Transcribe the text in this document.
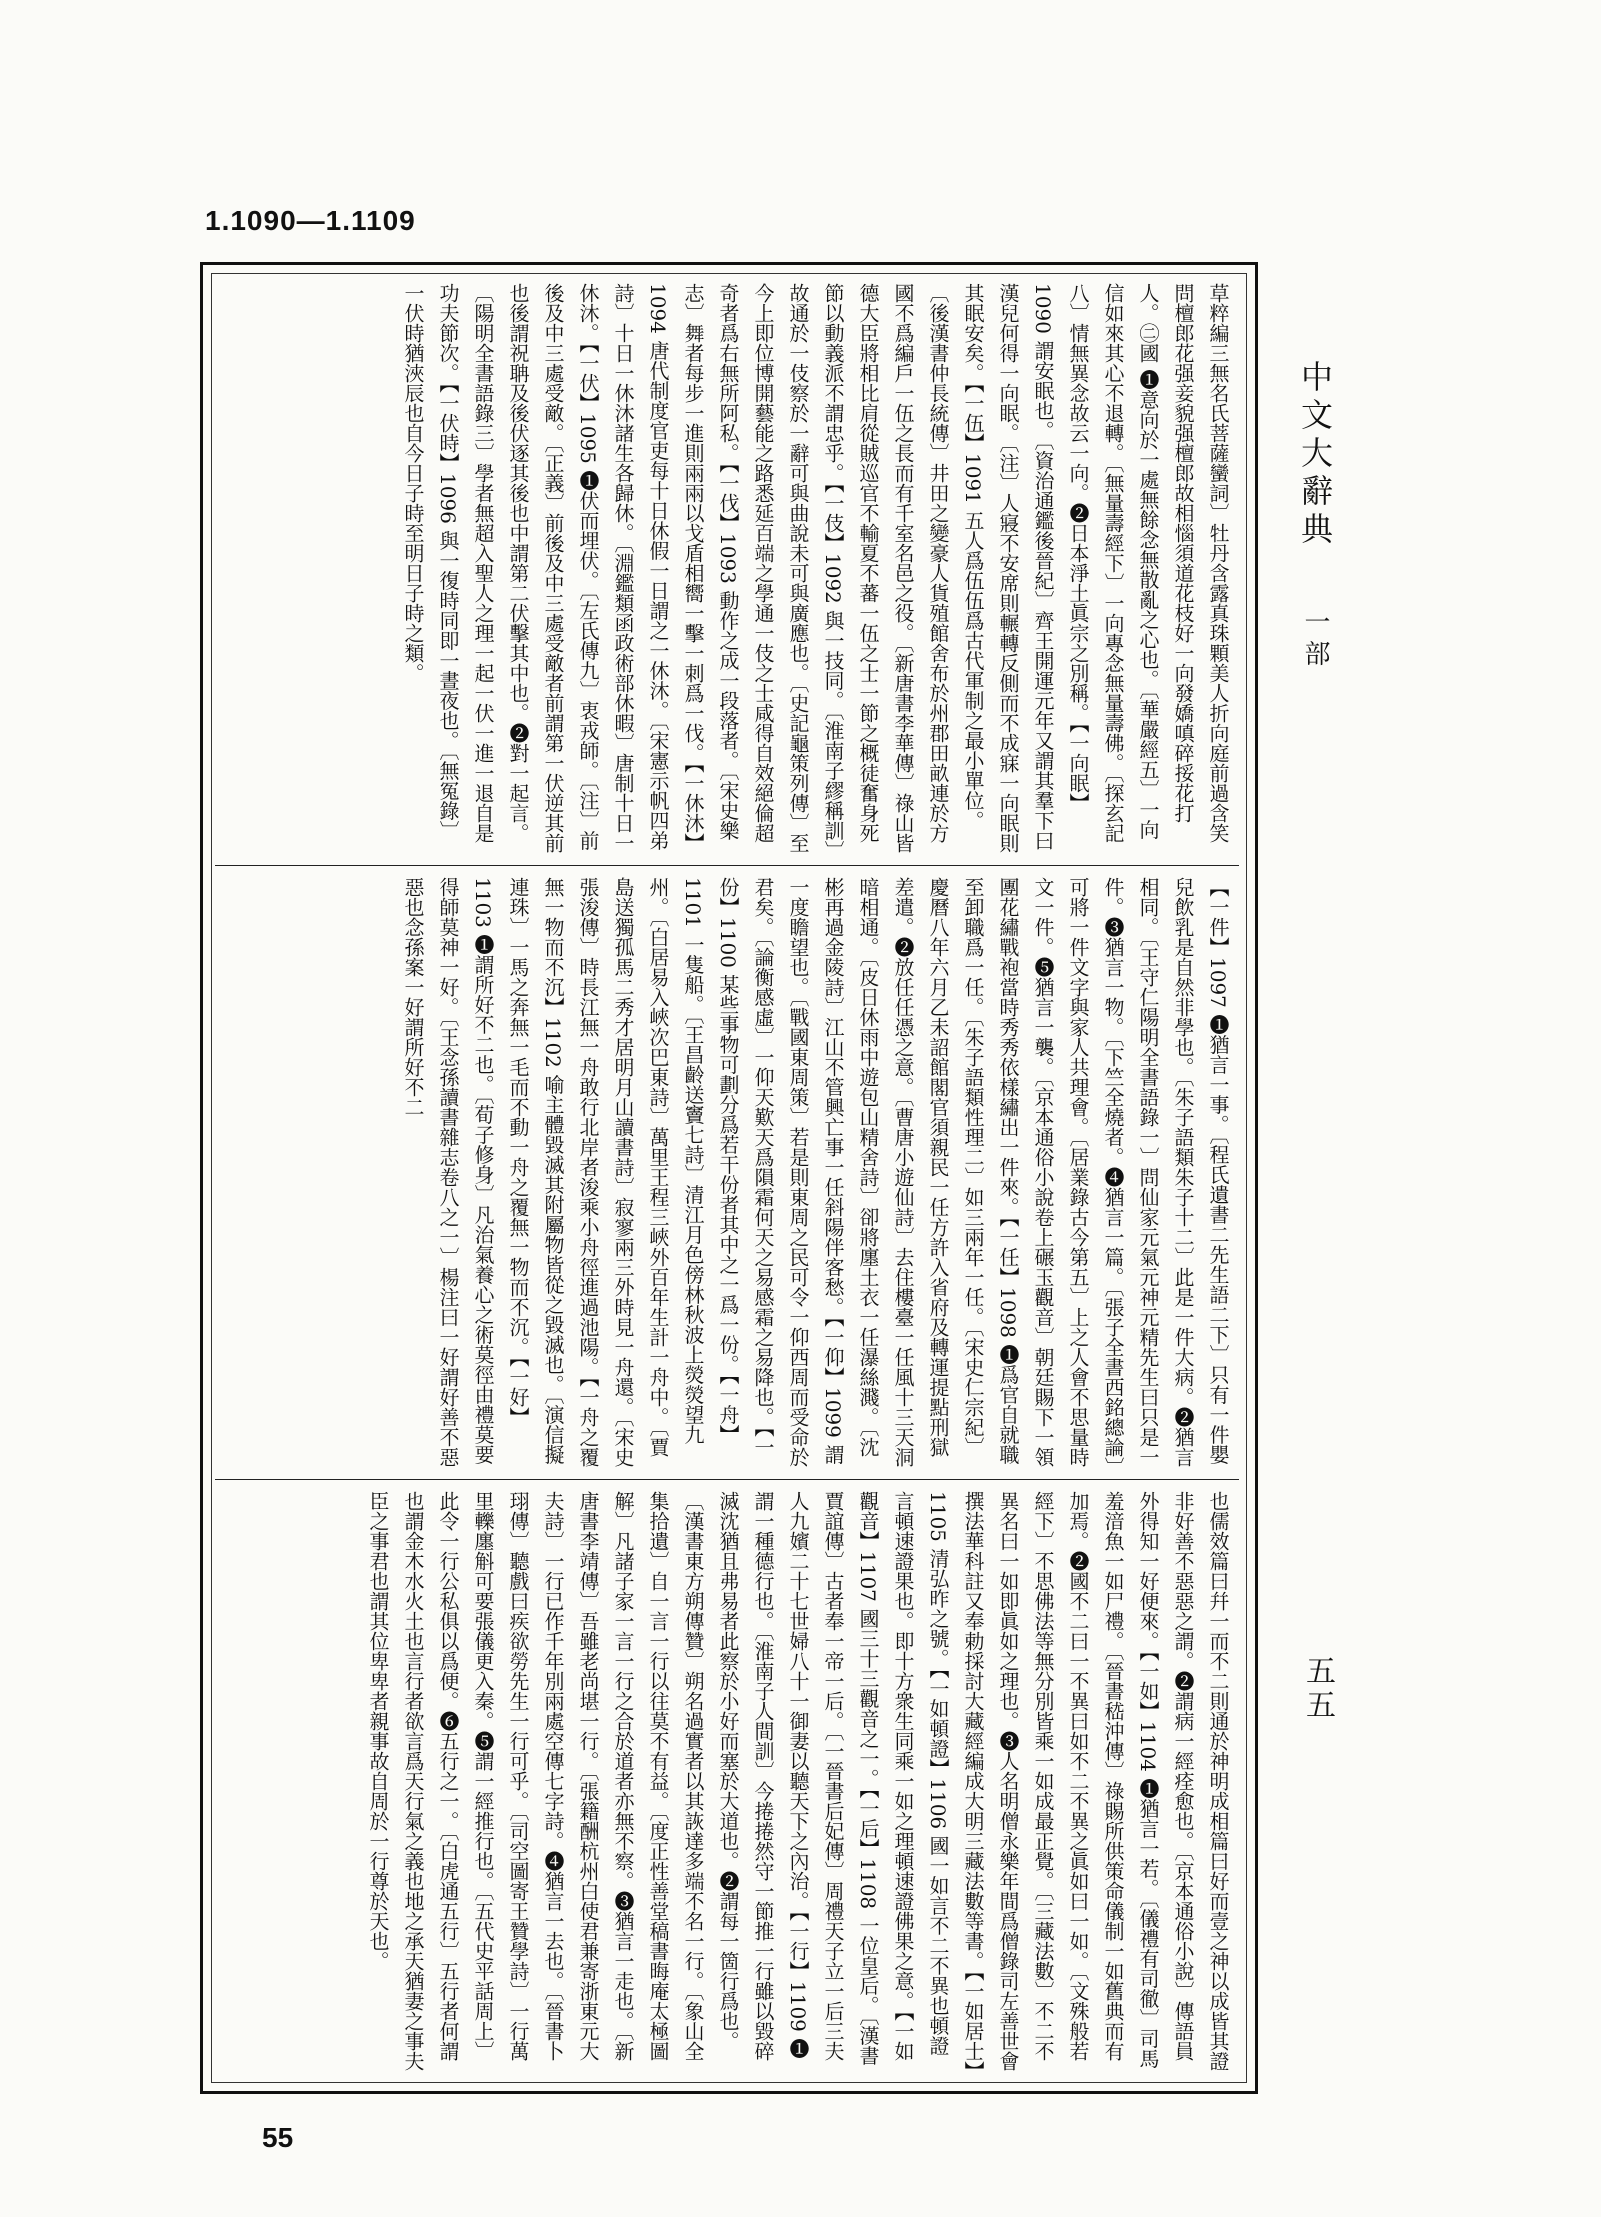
1.1090—1.1109

草粹編三無名氏菩薩蠻詞〕牡丹含露真珠顆美人折向庭前過含笑問檀郎花强妾貌强檀郎故相惱須道花枝好一向發嬌嗔碎挼花打人。㊁國 ❶意向於一處無餘念無散亂之心也。〔華嚴經五〕一向信如來其心不退轉。〔無量壽經下〕一向專念無量壽佛。〔探玄記八〕情無異念故云一向。❷日本淨土眞宗之別稱。【一向眠】1090 謂安眠也。〔資治通鑑後晉紀〕齊王開運元年又謂其羣下曰漢兒何得一向眠。〔注〕人寢不安席則輾轉反側而不成寐一向眠則其眠安矣。【一伍】1091 五人爲伍伍爲古代軍制之最小單位。〔後漢書仲長統傳〕井田之變豪人貨殖館舍布於州郡田畝連於方國不爲編戶一伍之長而有千室名邑之役。〔新唐書李華傳〕祿山皆德大臣將相比肩從賊巡官不輸夏不蕃一伍之士一節之概徒奮身死節以動義派不謂忠乎。【一伎】1092 與一技同。〔淮南子繆稱訓〕故通於一伎察於一辭可與曲說未可與廣應也。〔史記龜策列傳〕至今上即位博開藝能之路悉延百端之學通一伎之士咸得自效絕倫超奇者爲右無所阿私。【一伐】1093 動作之成一段落者。〔宋史樂志〕舞者每步一進則兩兩以戈盾相嚮一擊一刺爲一伐。【一休沐】1094 唐代制度官吏每十日休假一日謂之一休沐。〔宋憲示帆四弟詩〕十日一休沐諸生各歸休。〔淵鑑類函政術部休暇〕唐制十日一休沐。【一伏】1095 ❶伏而埋伏。〔左氏傳九〕衷戎師。〔注〕前後及中三處受敵。〔正義〕前後及中三處受敵者前謂第一伏逆其前也後謂祝聃及後伏逐其後也中謂第二伏擊其中也。❷對一起言。〔陽明全書語錄三〕學者無超入聖人之理一起一伏一進一退自是功夫節次。【一伏時】1096 與一復時同即一晝夜也。〔無冤錄〕一伏時猶浹辰也自今日子時至明日子時之類。

【一件】1097 ❶猶言一事。〔程氏遺書二先生語二下〕只有一件嬰兒飲乳是自然非學也。〔朱子語類朱子十二〕此是一件大病。❷猶言相同。〔王守仁陽明全書語錄一〕問仙家元氣元神元精先生曰只是一件。❸猶言一物。〔下竺全燒者。❹猶言一篇。〔張子全書西銘總論〕可將一件文字與家人共理會。〔居業錄古今第五〕上之人會不思量時文一件。❺猶言一襲。〔京本通俗小說卷上碾玉觀音〕朝廷賜下一領團花繡戰袍當時秀秀依樣繡出一件來。【一任】1098 ❶爲官自就職至卸職爲一任。〔朱子語類性理二〕如三兩年一任。〔宋史仁宗紀〕慶曆八年六月乙未詔館閣官須親民一任方許入省府及轉運提點刑獄差遣。❷放任任憑之意。〔曹唐小遊仙詩〕去住樓臺一任風十三天洞暗相通。〔皮日休雨中遊包山精舍詩〕卻將廛土衣一任瀑絲濺。〔沈彬再過金陵詩〕江山不管興亡事一任斜陽伴客愁。【一仰】1099 謂一度瞻望也。〔戰國東周策〕若是則東周之民可令一仰西周而受命於君矣。〔論衡感虛〕一仰天歎天爲隕霜何天之易感霜之易降也。【一份】1100 某些事物可劃分爲若干份者其中之一爲一份。【一舟】1101 一隻船。〔王昌齡送竇七詩〕清江月色傍林秋波上熒熒望九州。〔白居易入峽次巴東詩〕萬里王程三峽外百年生計一舟中。〔賈島送獨孤馬二秀才居明月山讀書詩〕寂寥兩三外時見一舟還。〔宋史張浚傳〕時長江無一舟敢行北岸者浚乘小舟徑進過池陽。【一舟之覆無一物而不沉】1102 喻主體毀滅其附屬物皆從之毀滅也。〔演信擬連珠〕一馬之奔無一毛而不動一舟之覆無一物而不沉。【一好】1103 ❶謂所好不二也。〔荀子修身〕凡治氣養心之術莫徑由禮莫要得師莫神一好。〔王念孫讀書雜志卷八之一〕楊注曰一好謂好善不惡惡也念孫案一好謂所好不二

也儒效篇曰幷一而不二則通於神明成相篇曰好而壹之神以成皆其證非好善不惡惡之謂。❷謂病一經痊愈也。〔京本通俗小說〕傳語員外得知一好便來。【一如】1104 ❶猶言一若。〔儀禮有司徹〕司馬羞湆魚一如尸禮。〔晉書嵇沖傳〕祿賜所供策命儀制一如舊典而有加焉。❷國不二曰一不異曰如不二不異之眞如曰一如。〔文殊般若經下〕不思佛法等無分別皆乘一如成最正覺。〔三藏法數〕不二不異名曰一如即眞如之理也。❸人名明僧永樂年間爲僧錄司左善世會撰法華科註又奉勅採討大藏經編成大明三藏法數等書。【一如居士】1105 清弘昨之號。【一如頓證】1106 國一如言不二不異也頓證言頓速證果也。即十方衆生同乘一如之理頓速證佛果之意。【一如觀音】1107 國三十三觀音之一。【一后】1108 一位皇后。〔漢書賈誼傳〕古者奉一帝一后。〔一晉書后妃傳〕周禮天子立一后三夫人九嬪二十七世婦八十一御妻以聽天下之內治。【一行】1109 ❶謂一種德行也。〔淮南子人間訓〕今捲捲然守一節推一行雖以毀碎滅沈猶且弗易者此察於小好而塞於大道也。❷謂每一箇行爲也。〔漢書東方朔傳贊〕朔名過實者以其詼達多端不名一行。〔象山全集拾遺〕自一言一行以往莫不有益。〔度正性善堂稿書晦庵太極圖解〕凡諸子家一言一行之合於道者亦無不察。❸猶言一走也。〔新唐書李靖傳〕吾雖老尚堪一行。〔張籍酬杭州白使君兼寄浙東元大夫詩〕一行已作千年別兩處空傳七字詩。❹猶言一去也。〔晉書卜珝傳〕聽戲曰疾欲勞先生一行可乎。〔司空圖寄王贊學詩〕一行萬里轢廛斛可要張儀更入秦。❺謂一經推行也。〔五代史平話周上〕此令一行公私俱以爲便。❻五行之一。〔白虎通五行〕五行者何謂也謂金木水火土也言行者欲言爲天行氣之義也地之承天猶妻之事夫臣之事君也謂其位卑卑者親事故自周於一行尊於天也。

中文大辭典 一部
五五
55
